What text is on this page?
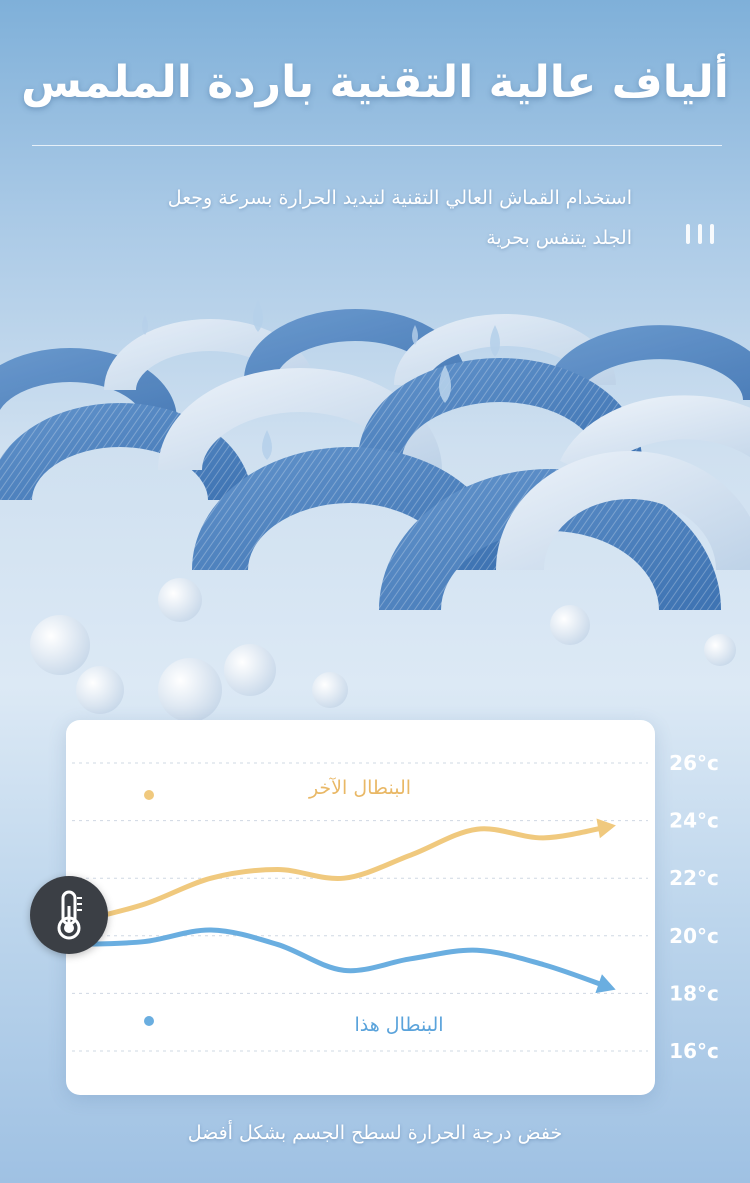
ألياف عالية التقنية باردة الملمس
استخدام القماش العالي التقنية لتبديد الحرارة بسرعة وجعل
الجلد يتنفس بحرية
26°c
24°c
22°c
20°c
18°c
16°c
البنطال الآخر
البنطال هذا
خفض درجة الحرارة لسطح الجسم بشكل أفضل
